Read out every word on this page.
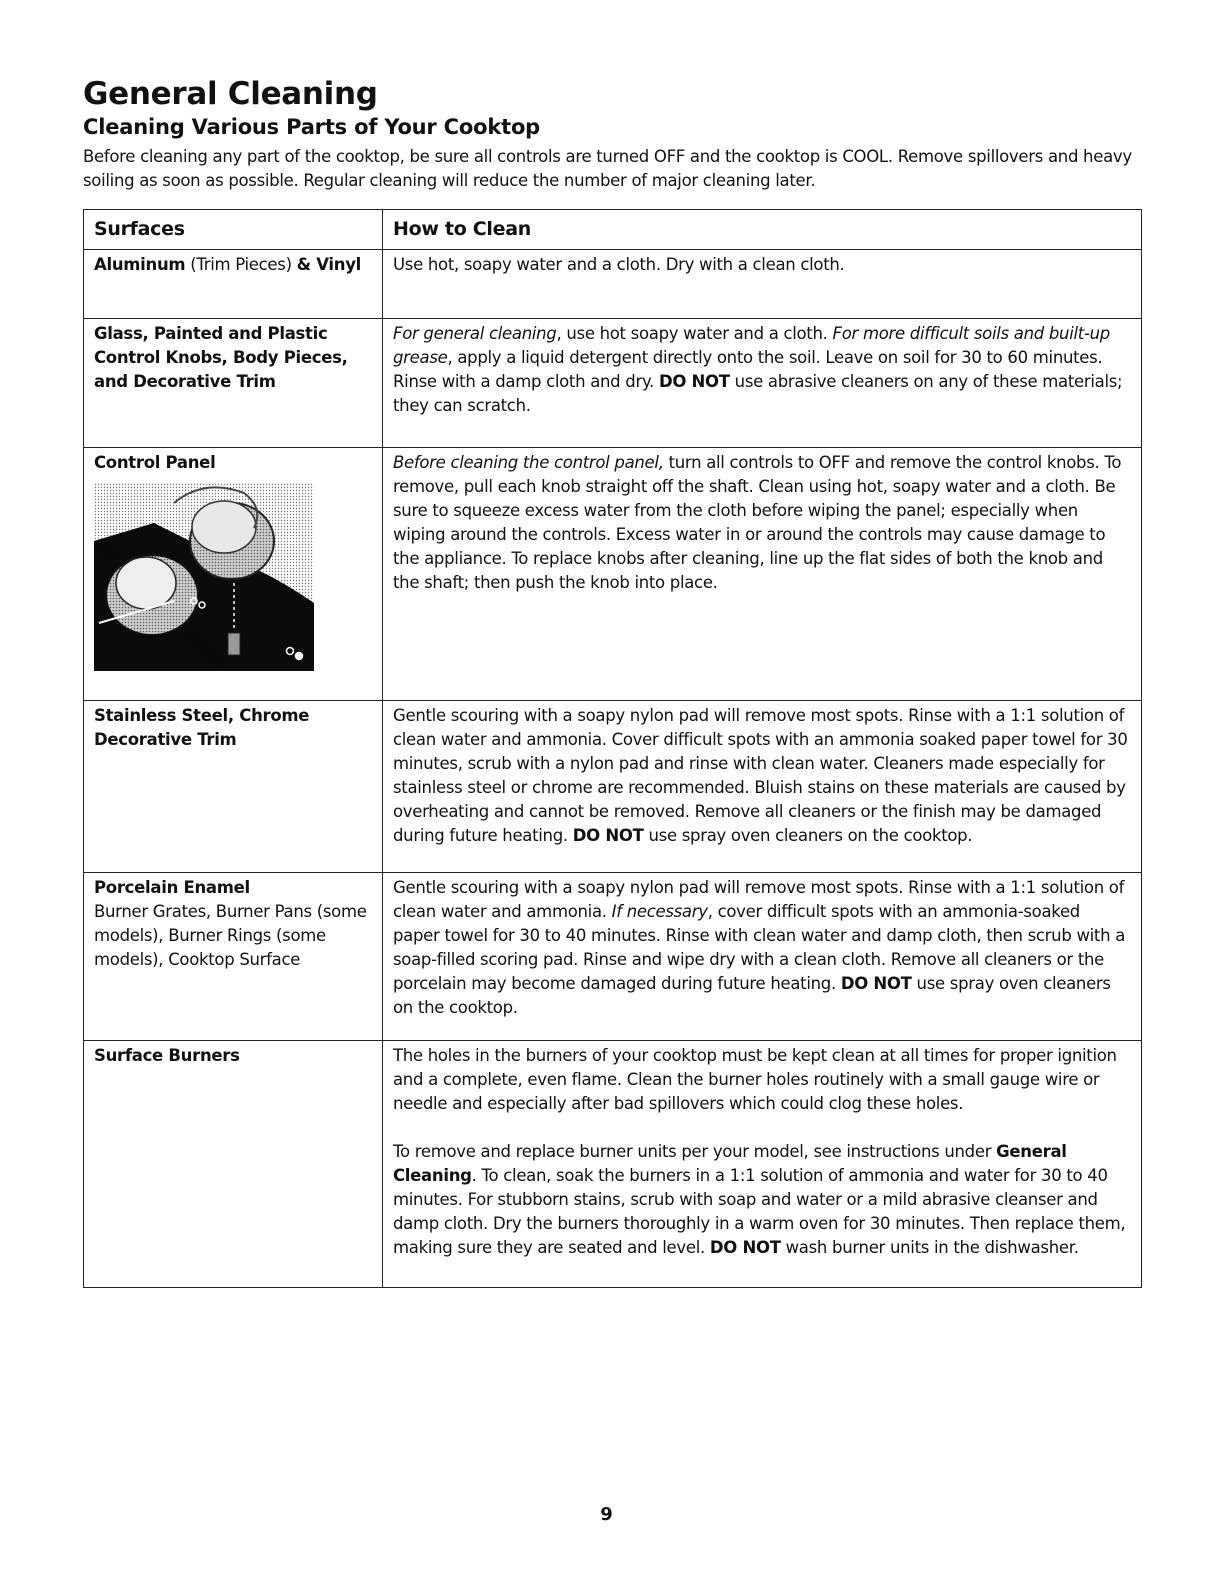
General Cleaning
Cleaning Various Parts of Your Cooktop

Before cleaning any part of the cooktop, be sure all controls are turned OFF and the cooktop is COOL. Remove spillovers and heavy soiling as soon as possible. Regular cleaning will reduce the number of major cleaning later.

Surfaces	How to Clean
Aluminum (Trim Pieces) & Vinyl	Use hot, soapy water and a cloth. Dry with a clean cloth.
Glass, Painted and Plastic Control Knobs, Body Pieces, and Decorative Trim	For general cleaning, use hot soapy water and a cloth. For more difficult soils and built-up grease, apply a liquid detergent directly onto the soil. Leave on soil for 30 to 60 minutes. Rinse with a damp cloth and dry. DO NOT use abrasive cleaners on any of these materials; they can scratch.
Control Panel	Before cleaning the control panel, turn all controls to OFF and remove the control knobs. To remove, pull each knob straight off the shaft. Clean using hot, soapy water and a cloth. Be sure to squeeze excess water from the cloth before wiping the panel; especially when wiping around the controls. Excess water in or around the controls may cause damage to the appliance. To replace knobs after cleaning, line up the flat sides of both the knob and the shaft; then push the knob into place.
Stainless Steel, Chrome Decorative Trim	Gentle scouring with a soapy nylon pad will remove most spots. Rinse with a 1:1 solution of clean water and ammonia. Cover difficult spots with an ammonia soaked paper towel for 30 minutes, scrub with a nylon pad and rinse with clean water. Cleaners made especially for stainless steel or chrome are recommended. Bluish stains on these materials are caused by overheating and cannot be removed. Remove all cleaners or the finish may be damaged during future heating. DO NOT use spray oven cleaners on the cooktop.

Porcelain Enamel
Burner Grates, Burner Pans (some models), Burner Rings (some models), Cooktop Surface	Gentle scouring with a soapy nylon pad will remove most spots. Rinse with a 1:1 solution of clean water and ammonia. If necessary, cover difficult spots with an ammonia-soaked paper towel for 30 to 40 minutes. Rinse with clean water and damp cloth, then scrub with a soap-filled scoring pad. Rinse and wipe dry with a clean cloth. Remove all cleaners or the porcelain may become damaged during future heating. DO NOT use spray oven cleaners on the cooktop.
Surface Burners	The holes in the burners of your cooktop must be kept clean at all times for proper ignition and a complete, even flame. Clean the burner holes routinely with a small gauge wire or needle and especially after bad spillovers which could clog these holes.

To remove and replace burner units per your model, see instructions under General Cleaning. To clean, soak the burners in a 1:1 solution of ammonia and water for 30 to 40 minutes. For stubborn stains, scrub with soap and water or a mild abrasive cleanser and damp cloth. Dry the burners thoroughly in a warm oven for 30 minutes. Then replace them, making sure they are seated and level. DO NOT wash burner units in the dishwasher.

9
